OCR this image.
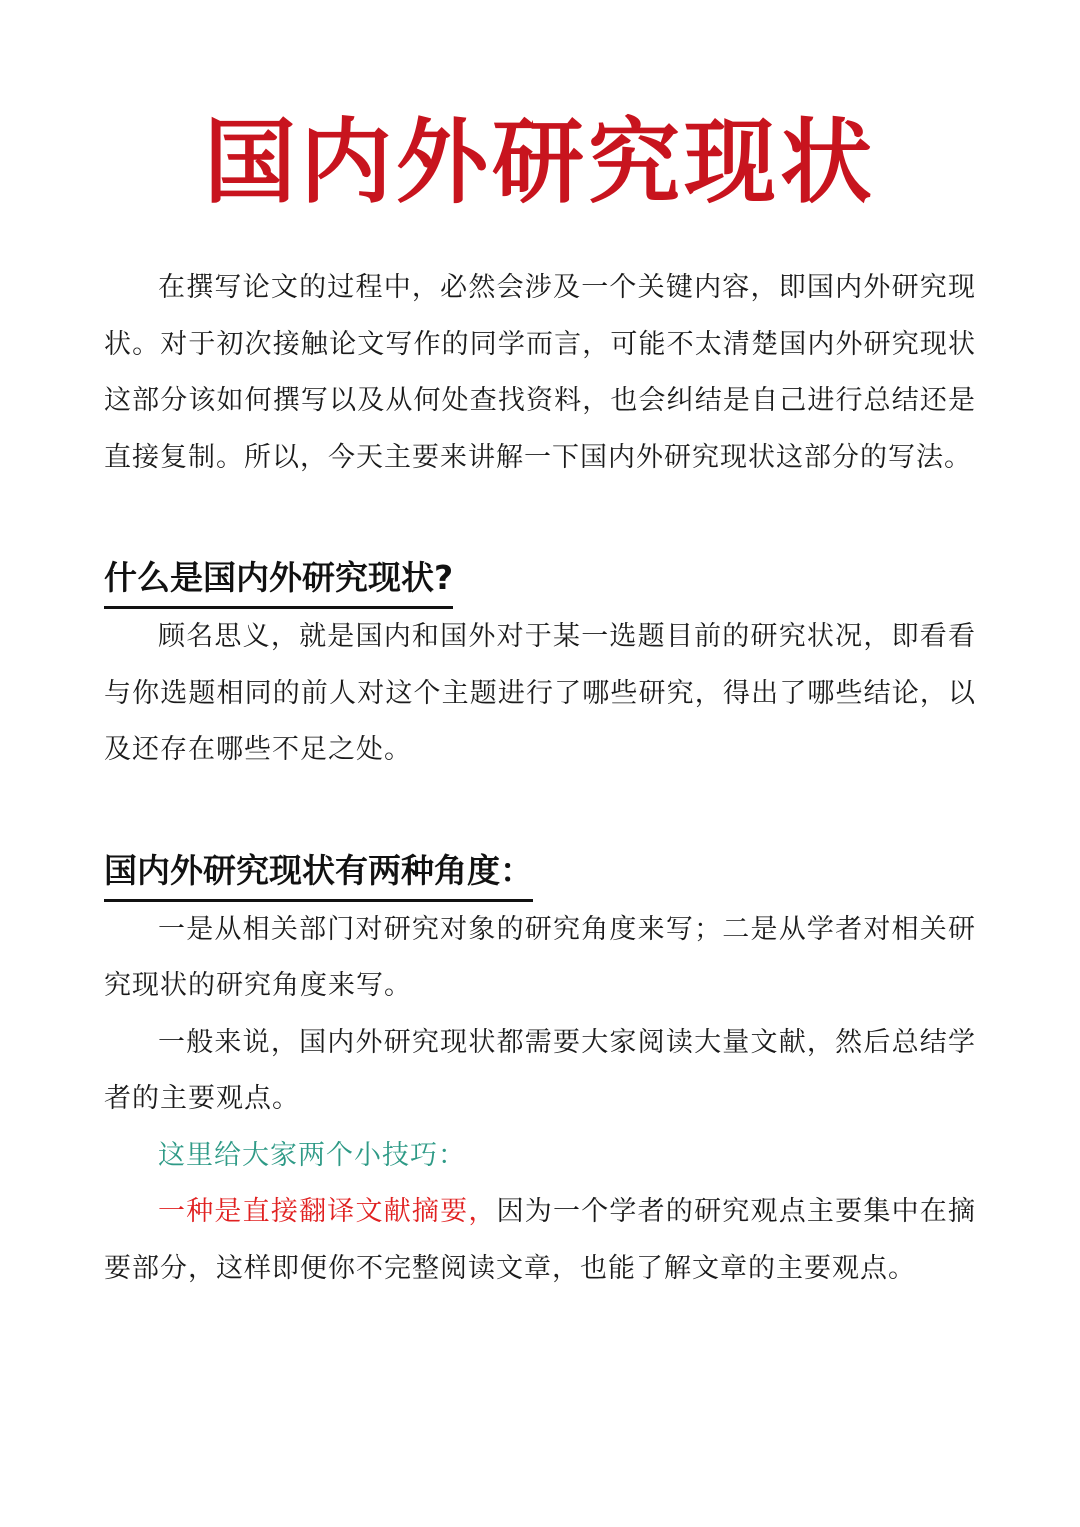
国内外研究现状

在撰写论文的过程中，必然会涉及一个关键内容，即国内外研究现状。对于初次接触论文写作的同学而言，可能不太清楚国内外研究现状这部分该如何撰写以及从何处查找资料，也会纠结是自己进行总结还是直接复制。所以，今天主要来讲解一下国内外研究现状这部分的写法。

什么是国内外研究现状?

顾名思义，就是国内和国外对于某一选题目前的研究状况，即看看与你选题相同的前人对这个主题进行了哪些研究，得出了哪些结论，以及还存在哪些不足之处。

国内外研究现状有两种角度：

一是从相关部门对研究对象的研究角度来写；二是从学者对相关研究现状的研究角度来写。

一般来说，国内外研究现状都需要大家阅读大量文献，然后总结学者的主要观点。

这里给大家两个小技巧：

一种是直接翻译文献摘要，因为一个学者的研究观点主要集中在摘要部分，这样即便你不完整阅读文章，也能了解文章的主要观点。
